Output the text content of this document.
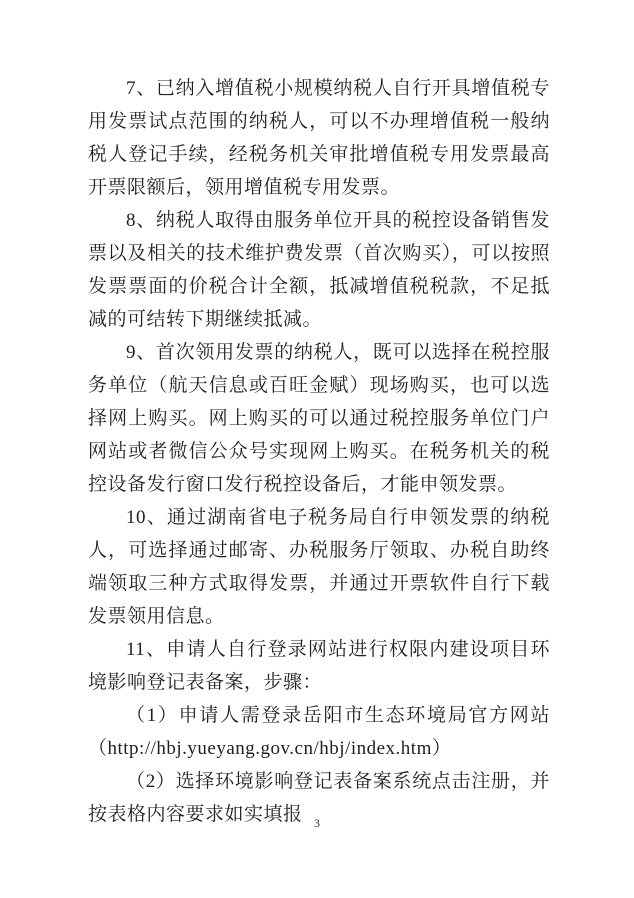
7、已纳入增值税小规模纳税人自行开具增值税专用发票试点范围的纳税人，可以不办理增值税一般纳税人登记手续，经税务机关审批增值税专用发票最高开票限额后，领用增值税专用发票。

8、纳税人取得由服务单位开具的税控设备销售发票以及相关的技术维护费发票（首次购买），可以按照发票票面的价税合计全额，抵减增值税税款，不足抵减的可结转下期继续抵减。

9、首次领用发票的纳税人，既可以选择在税控服务单位（航天信息或百旺金赋）现场购买，也可以选择网上购买。网上购买的可以通过税控服务单位门户网站或者微信公众号实现网上购买。在税务机关的税控设备发行窗口发行税控设备后，才能申领发票。

10、通过湖南省电子税务局自行申领发票的纳税人，可选择通过邮寄、办税服务厅领取、办税自助终端领取三种方式取得发票，并通过开票软件自行下载发票领用信息。

11、申请人自行登录网站进行权限内建设项目环境影响登记表备案，步骤：

（1）申请人需登录岳阳市生态环境局官方网站（http://hbj.yueyang.gov.cn/hbj/index.htm）

（2）选择环境影响登记表备案系统点击注册，并按表格内容要求如实填报 3
